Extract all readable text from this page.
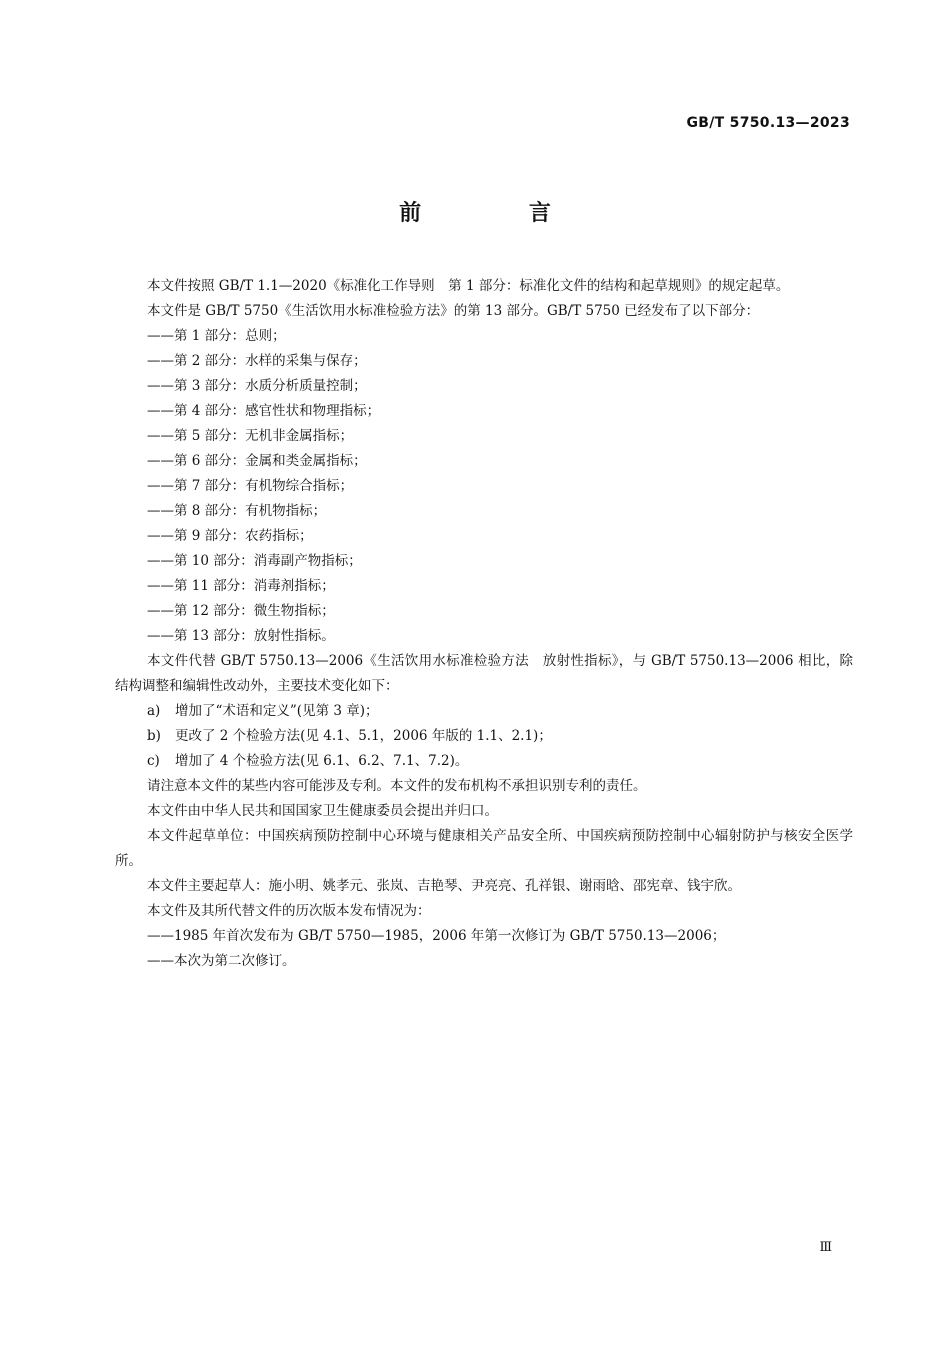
GB/T 5750.13—2023
前 言
本文件按照 GB/T 1.1—2020《标准化工作导则　第 1 部分：标准化文件的结构和起草规则》的规定起草。
本文件是 GB/T 5750《生活饮用水标准检验方法》的第 13 部分。GB/T 5750 已经发布了以下部分：
——第 1 部分：总则；
——第 2 部分：水样的采集与保存；
——第 3 部分：水质分析质量控制；
——第 4 部分：感官性状和物理指标；
——第 5 部分：无机非金属指标；
——第 6 部分：金属和类金属指标；
——第 7 部分：有机物综合指标；
——第 8 部分：有机物指标；
——第 9 部分：农药指标；
——第 10 部分：消毒副产物指标；
——第 11 部分：消毒剂指标；
——第 12 部分：微生物指标；
——第 13 部分：放射性指标。
本文件代替 GB/T 5750.13—2006《生活饮用水标准检验方法　放射性指标》，与 GB/T 5750.13—2006 相比，除结构调整和编辑性改动外，主要技术变化如下：
a) 增加了“术语和定义”(见第 3 章)；
b) 更改了 2 个检验方法(见 4.1、5.1，2006 年版的 1.1、2.1)；
c) 增加了 4 个检验方法(见 6.1、6.2、7.1、7.2)。
请注意本文件的某些内容可能涉及专利。本文件的发布机构不承担识别专利的责任。
本文件由中华人民共和国国家卫生健康委员会提出并归口。
本文件起草单位：中国疾病预防控制中心环境与健康相关产品安全所、中国疾病预防控制中心辐射防护与核安全医学所。
本文件主要起草人：施小明、姚孝元、张岚、吉艳琴、尹亮亮、孔祥银、谢雨晗、邵宪章、钱宇欣。
本文件及其所代替文件的历次版本发布情况为：
——1985 年首次发布为 GB/T 5750—1985，2006 年第一次修订为 GB/T 5750.13—2006；
——本次为第二次修订。
Ⅲ
